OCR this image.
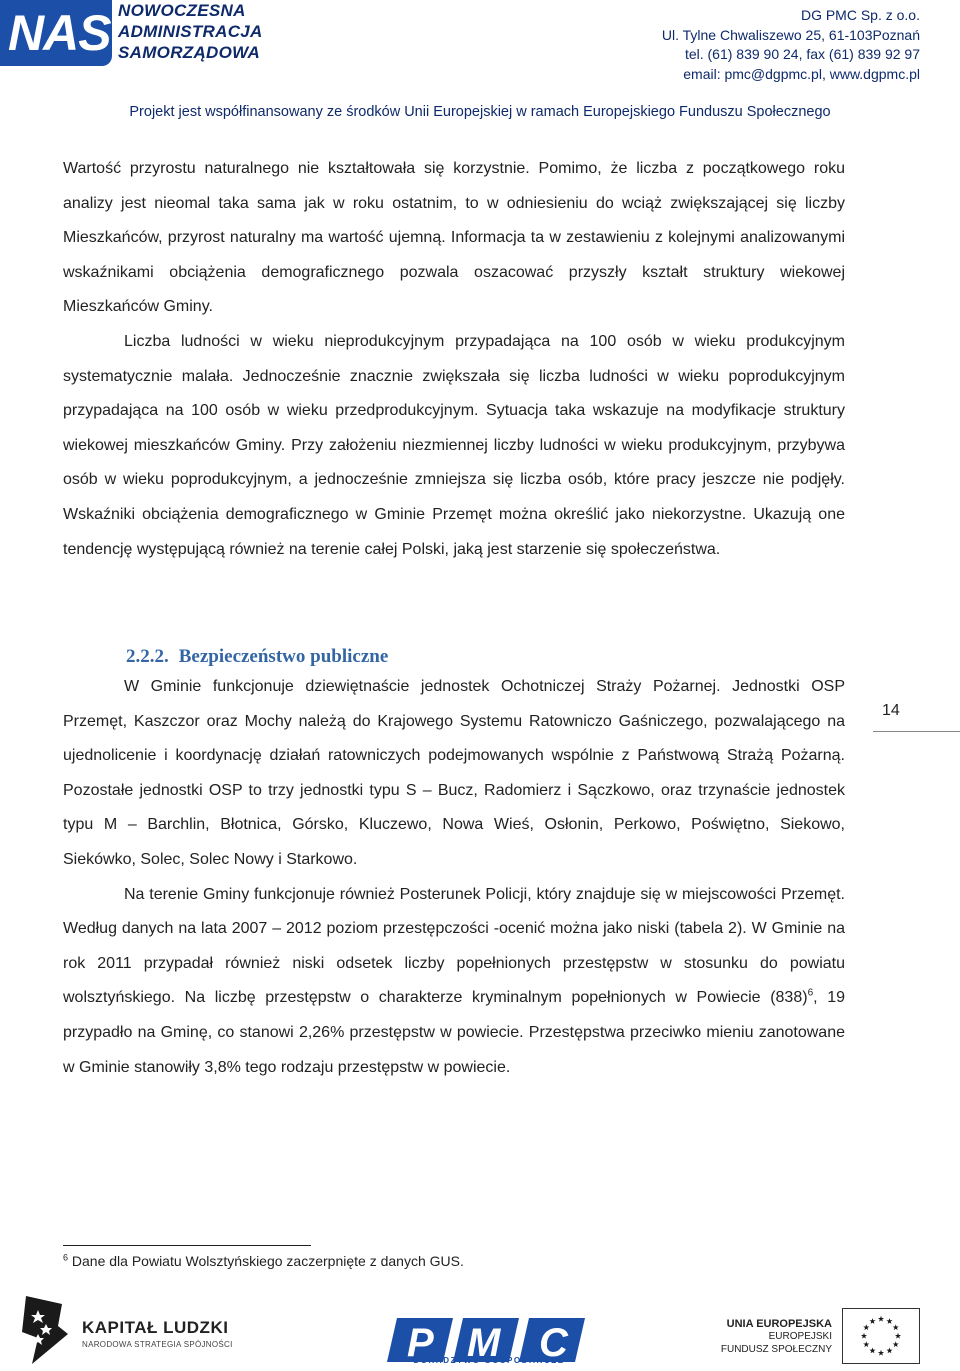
NAS NOWOCZESNA
ADMINISTRACJA
SAMORZĄDOWA
DG PMC Sp. z o.o.
Ul. Tylne Chwaliszewo 25, 61-103Poznań
tel. (61) 839 90 24, fax (61) 839 92 97
email: pmc@dgpmc.pl, www.dgpmc.pl
Projekt jest współfinansowany ze środków Unii Europejskiej w ramach Europejskiego Funduszu Społecznego

Wartość przyrostu naturalnego nie kształtowała się korzystnie. Pomimo, że liczba z początkowego roku analizy jest nieomal taka sama jak w roku ostatnim, to w odniesieniu do wciąż zwiększającej się liczby Mieszkańców, przyrost naturalny ma wartość ujemną. Informacja ta w zestawieniu z kolejnymi analizowanymi wskaźnikami obciążenia demograficznego pozwala oszacować przyszły kształt struktury wiekowej Mieszkańców Gminy.

Liczba ludności w wieku nieprodukcyjnym przypadająca na 100 osób w wieku produkcyjnym systematycznie malała. Jednocześnie znacznie zwiększała się liczba ludności w wieku poprodukcyjnym przypadająca na 100 osób w wieku przedprodukcyjnym. Sytuacja taka wskazuje na modyfikacje struktury wiekowej mieszkańców Gminy. Przy założeniu niezmiennej liczby ludności w wieku produkcyjnym, przybywa osób w wieku poprodukcyjnym, a jednocześnie zmniejsza się liczba osób, które pracy jeszcze nie podjęły. Wskaźniki obciążenia demograficznego w Gminie Przemęt można określić jako niekorzystne. Ukazują one tendencję występującą również na terenie całej Polski, jaką jest starzenie się społeczeństwa.

2.2.2. Bezpieczeństwo publiczne

W Gminie funkcjonuje dziewiętnaście jednostek Ochotniczej Straży Pożarnej. Jednostki OSP Przemęt, Kaszczor oraz Mochy należą do Krajowego Systemu Ratowniczo Gaśniczego, pozwalającego na ujednolicenie i koordynację działań ratowniczych podejmowanych wspólnie z Państwową Strażą Pożarną. Pozostałe jednostki OSP to trzy jednostki typu S – Bucz, Radomierz i Sączkowo, oraz trzynaście jednostek typu M – Barchlin, Błotnica, Górsko, Kluczewo, Nowa Wieś, Osłonin, Perkowo, Poświętno, Siekowo, Siekówko, Solec, Solec Nowy i Starkowo.

Na terenie Gminy funkcjonuje również Posterunek Policji, który znajduje się w miejscowości Przemęt. Według danych na lata 2007 – 2012 poziom przestępczości -ocenić można jako niski (tabela 2). W Gminie na rok 2011 przypadał również niski odsetek liczby popełnionych przestępstw w stosunku do powiatu wolsztyńskiego. Na liczbę przestępstw o charakterze kryminalnym popełnionych w Powiecie $(838)^6$, 19 przypadło na Gminę, co stanowi 2,26% przestępstw w powiecie. Przestępstwa przeciwko mieniu zanotowane w Gminie stanowiły 3,8% tego rodzaju przestępstw w powiecie.

14
$^6$ Dane dla Powiatu Wolsztyńskiego zaczerpnięte z danych GUS.
KAPITAŁ LUDZKI
NARODOWA STRATEGIA SPÓJNOŚCI	P M C
DORADZTWO GOSPODARCZE
UNIA EUROPEJSKA
EUROPEJSKI
FUNDUSZ SPOŁECZNY
